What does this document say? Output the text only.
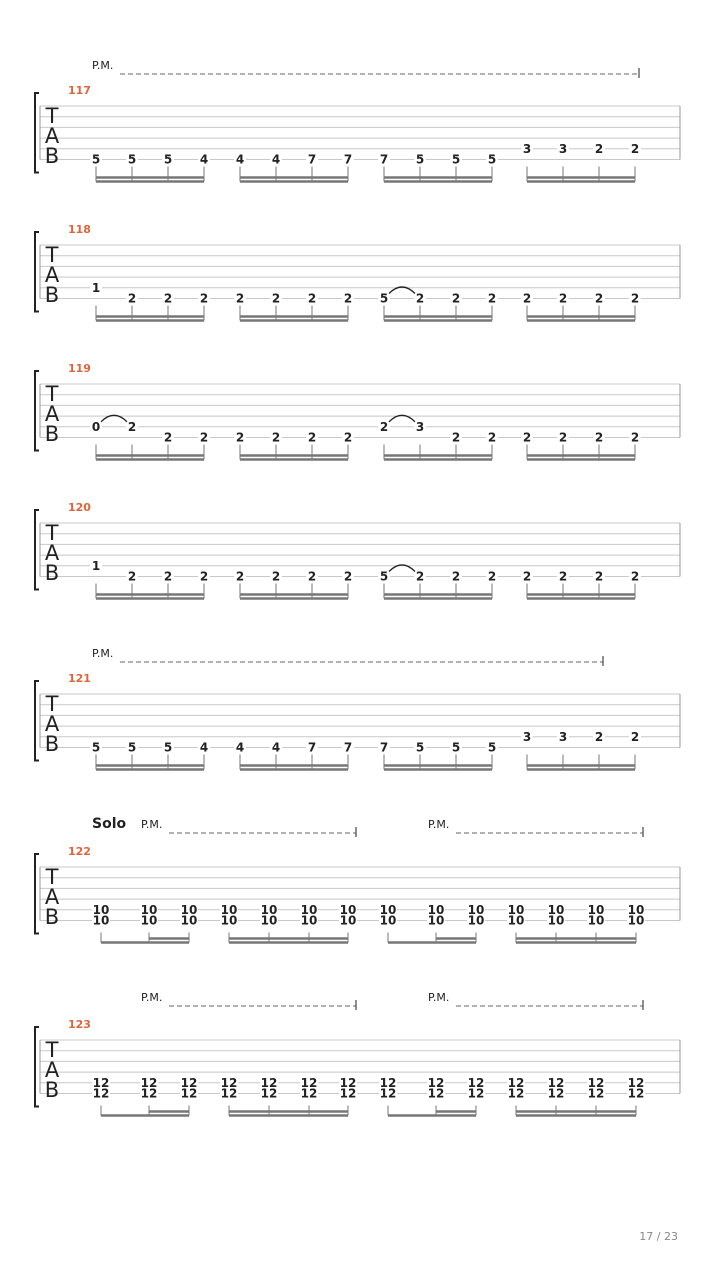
T
A
B
117
P.M.
5 5 5 4 4 4 7 7 7 5 5 5
3 3 2 2
T
A
B
118
1
2 2 2 2 2 2 2 5 2 2 2 2 2 2 2
T
A
B
119
0 2
2 2 2 2 2 2
2 3
2 2 2 2 2 2
T
A
B
120
1
2 2 2 2 2 2 2 5 2 2 2 2 2 2 2
T
A
B
121
P.M.
5 5 5 4 4 4 7 7 7 5 5 5
3 3 2 2
T
A
B
122
Solo P.M.	P.M.
10
10
10
10
10
10
10
10
10
10
10
10
10
10
10
10
10
10
10
10
10
10
10
10
10
10
10
10
T
A
B
123
P.M.	P.M.
12
12
12
12
12
12
12
12
12
12
12
12
12
12
12
12
12
12
12
12
12
12
12
12
12
12
12
12
17 / 23
